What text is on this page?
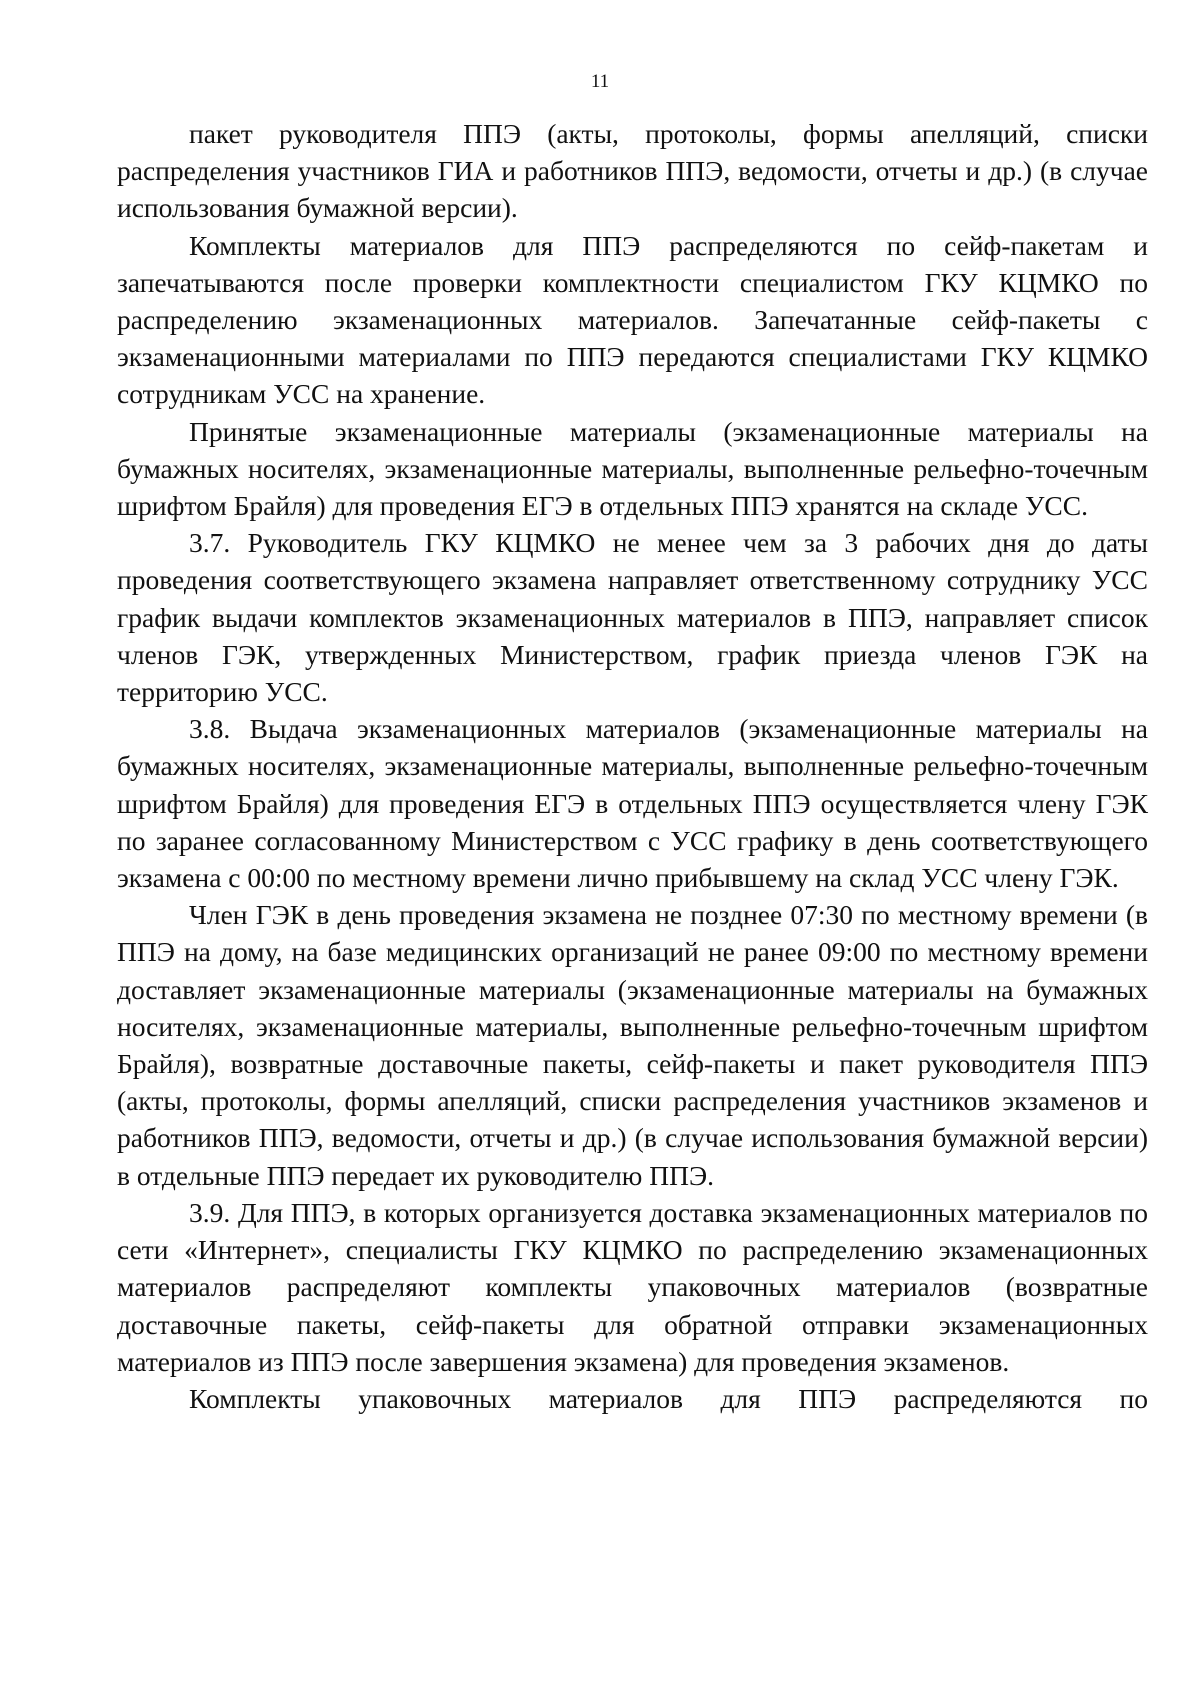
11

пакет руководителя ППЭ (акты, протоколы, формы апелляций, списки распределения участников ГИА и работников ППЭ, ведомости, отчеты и др.) (в случае использования бумажной версии).

Комплекты материалов для ППЭ распределяются по сейф-пакетам и запечатываются после проверки комплектности специалистом ГКУ КЦМКО по распределению экзаменационных материалов. Запечатанные сейф-пакеты с экзаменационными материалами по ППЭ передаются специалистами ГКУ КЦМКО сотрудникам УСС на хранение.

Принятые экзаменационные материалы (экзаменационные материалы на бумажных носителях, экзаменационные материалы, выполненные рельефно-точечным шрифтом Брайля) для проведения ЕГЭ в отдельных ППЭ хранятся на складе УСС.

3.7. Руководитель ГКУ КЦМКО не менее чем за 3 рабочих дня до даты проведения соответствующего экзамена направляет ответственному сотруднику УСС график выдачи комплектов экзаменационных материалов в ППЭ, направляет список членов ГЭК, утвержденных Министерством, график приезда членов ГЭК на территорию УСС.

3.8. Выдача экзаменационных материалов (экзаменационные материалы на бумажных носителях, экзаменационные материалы, выполненные рельефно-точечным шрифтом Брайля) для проведения ЕГЭ в отдельных ППЭ осуществляется члену ГЭК по заранее согласованному Министерством с УСС графику в день соответствующего экзамена с 00:00 по местному времени лично прибывшему на склад УСС члену ГЭК.

Член ГЭК в день проведения экзамена не позднее 07:30 по местному времени (в ППЭ на дому, на базе медицинских организаций не ранее 09:00 по местному времени доставляет экзаменационные материалы (экзаменационные материалы на бумажных носителях, экзаменационные материалы, выполненные рельефно-точечным шрифтом Брайля), возвратные доставочные пакеты, сейф-пакеты и пакет руководителя ППЭ (акты, протоколы, формы апелляций, списки распределения участников экзаменов и работников ППЭ, ведомости, отчеты и др.) (в случае использования бумажной версии) в отдельные ППЭ передает их руководителю ППЭ.

3.9. Для ППЭ, в которых организуется доставка экзаменационных материалов по сети «Интернет», специалисты ГКУ КЦМКО по распределению экзаменационных материалов распределяют комплекты упаковочных материалов (возвратные доставочные пакеты, сейф-пакеты для обратной отправки экзаменационных материалов из ППЭ после завершения экзамена) для проведения экзаменов.

Комплекты упаковочных материалов для ППЭ распределяются по
